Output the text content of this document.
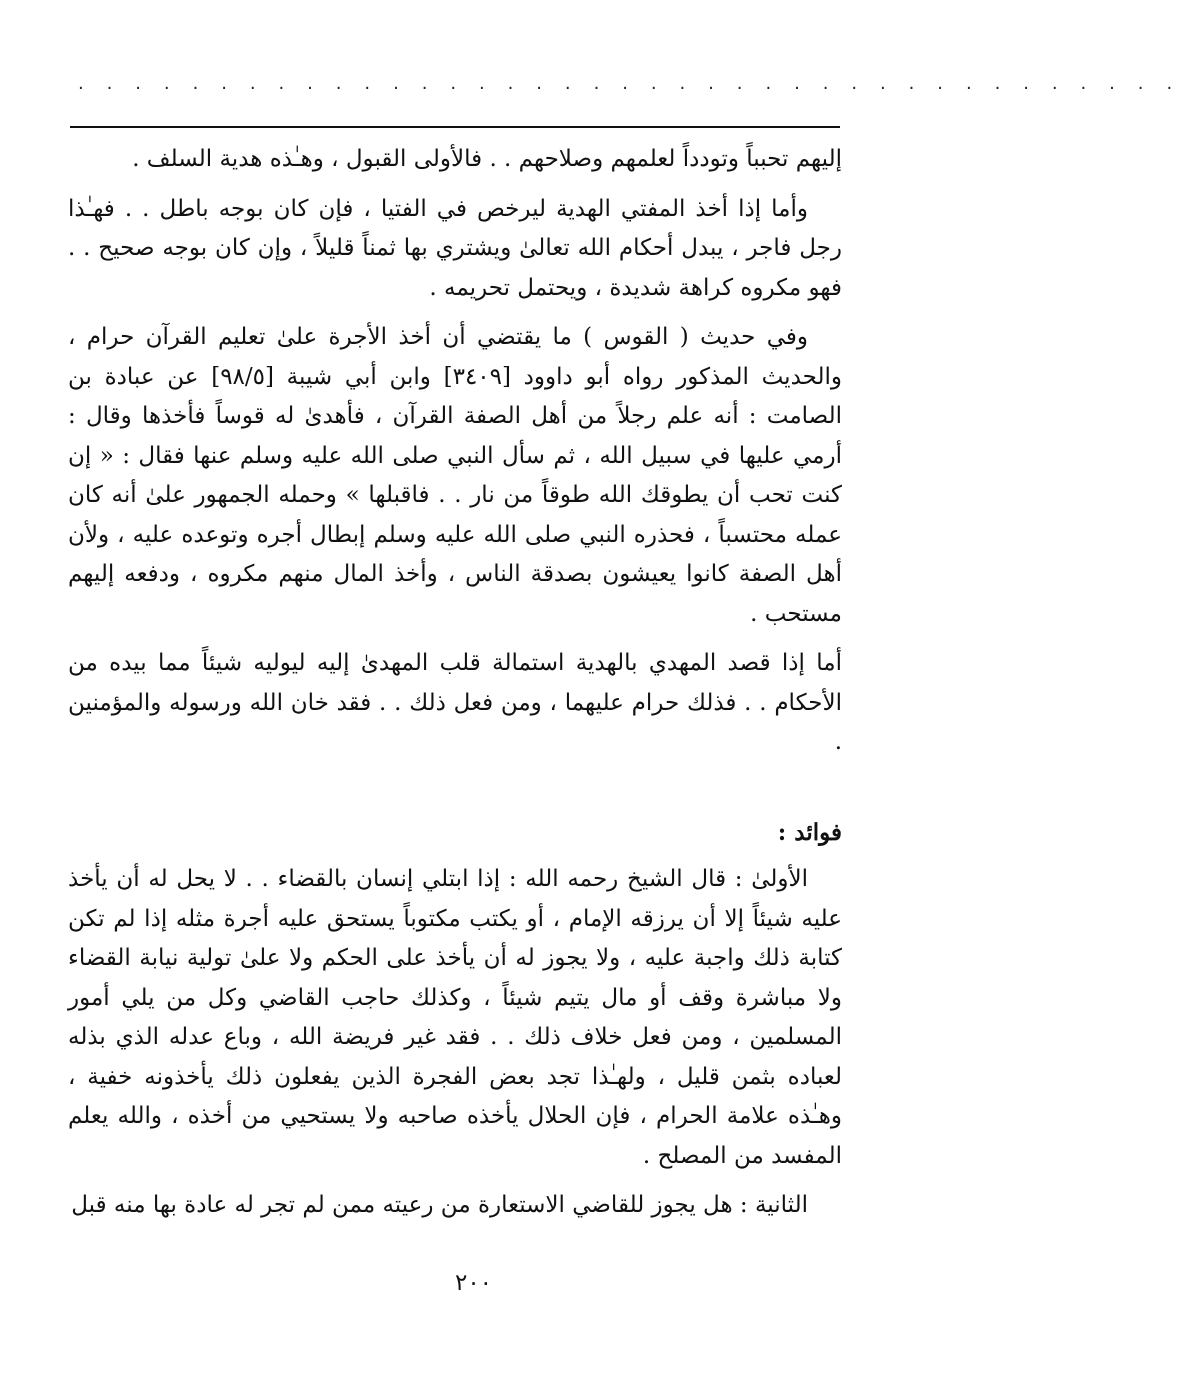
· · · · · · · · · · · · · · · · · · · · · · · · · · · · · · · · · · · · · · ·

إليهم تحبباً وتودداً لعلمهم وصلاحهم . . فالأولى القبول ، وهـٰذه هدية السلف .

وأما إذا أخذ المفتي الهدية ليرخص في الفتيا ، فإن كان بوجه باطل . . فهـٰذا رجل فاجر ، يبدل أحكام الله تعالىٰ ويشتري بها ثمناً قليلاً ، وإن كان بوجه صحيح . . فهو مكروه كراهة شديدة ، ويحتمل تحريمه .

وفي حديث ( القوس ) ما يقتضي أن أخذ الأجرة علىٰ تعليم القرآن حرام ، والحديث المذكور رواه أبو داوود [٣٤٠٩] وابن أبي شيبة [٩٨/٥] عن عبادة بن الصامت : أنه علم رجلاً من أهل الصفة القرآن ، فأهدىٰ له قوساً فأخذها وقال : أرمي عليها في سبيل الله ، ثم سأل النبي صلى الله عليه وسلم عنها فقال : « إن كنت تحب أن يطوقك الله طوقاً من نار . . فاقبلها » وحمله الجمهور علىٰ أنه كان عمله محتسباً ، فحذره النبي صلى الله عليه وسلم إبطال أجره وتوعده عليه ، ولأن أهل الصفة كانوا يعيشون بصدقة الناس ، وأخذ المال منهم مكروه ، ودفعه إليهم مستحب .

أما إذا قصد المهدي بالهدية استمالة قلب المهدىٰ إليه ليوليه شيئاً مما بيده من الأحكام . . فذلك حرام عليهما ، ومن فعل ذلك . . فقد خان الله ورسوله والمؤمنين .

فوائد :

الأولىٰ : قال الشيخ رحمه الله : إذا ابتلي إنسان بالقضاء . . لا يحل له أن يأخذ عليه شيئاً إلا أن يرزقه الإمام ، أو يكتب مكتوباً يستحق عليه أجرة مثله إذا لم تكن كتابة ذلك واجبة عليه ، ولا يجوز له أن يأخذ على الحكم ولا علىٰ تولية نيابة القضاء ولا مباشرة وقف أو مال يتيم شيئاً ، وكذلك حاجب القاضي وكل من يلي أمور المسلمين ، ومن فعل خلاف ذلك . . فقد غير فريضة الله ، وباع عدله الذي بذله لعباده بثمن قليل ، ولهـٰذا تجد بعض الفجرة الذين يفعلون ذلك يأخذونه خفية ، وهـٰذه علامة الحرام ، فإن الحلال يأخذه صاحبه ولا يستحيي من أخذه ، والله يعلم المفسد من المصلح .

الثانية : هل يجوز للقاضي الاستعارة من رعيته ممن لم تجر له عادة بها منه قبل

٢٠٠
